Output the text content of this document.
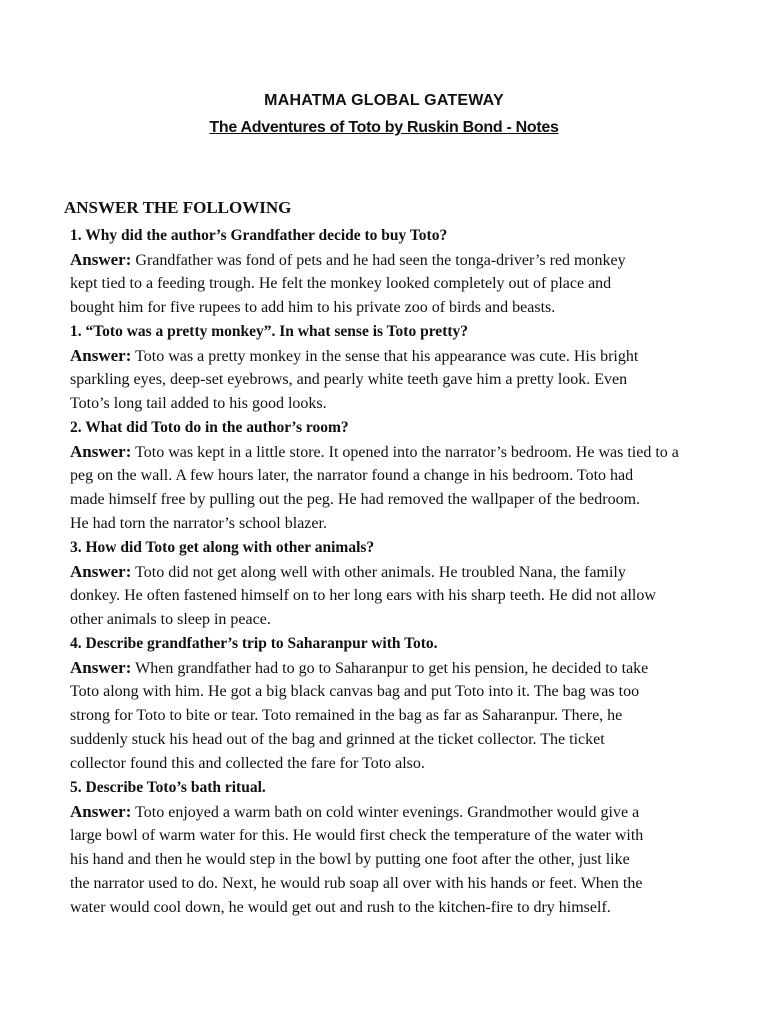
MAHATMA GLOBAL GATEWAY
The Adventures of Toto by Ruskin Bond - Notes
ANSWER THE FOLLOWING
1. Why did the author’s Grandfather decide to buy Toto?
Answer: Grandfather was fond of pets and he had seen the tonga-driver’s red monkey
kept tied to a feeding trough. He felt the monkey looked completely out of place and
bought him for five rupees to add him to his private zoo of birds and beasts.
1. “Toto was a pretty monkey”. In what sense is Toto pretty?
Answer: Toto was a pretty monkey in the sense that his appearance was cute. His bright
sparkling eyes, deep-set eyebrows, and pearly white teeth gave him a pretty look. Even
Toto’s long tail added to his good looks.
2. What did Toto do in the author’s room?
Answer: Toto was kept in a little store. It opened into the narrator’s bedroom. He was tied to a
peg on the wall. A few hours later, the narrator found a change in his bedroom. Toto had
made himself free by pulling out the peg. He had removed the wallpaper of the bedroom.
He had torn the narrator’s school blazer.
3. How did Toto get along with other animals?
Answer: Toto did not get along well with other animals. He troubled Nana, the family
donkey. He often fastened himself on to her long ears with his sharp teeth. He did not allow
other animals to sleep in peace.
4. Describe grandfather’s trip to Saharanpur with Toto.
Answer: When grandfather had to go to Saharanpur to get his pension, he decided to take
Toto along with him. He got a big black canvas bag and put Toto into it. The bag was too
strong for Toto to bite or tear. Toto remained in the bag as far as Saharanpur. There, he
suddenly stuck his head out of the bag and grinned at the ticket collector. The ticket
collector found this and collected the fare for Toto also.
5. Describe Toto’s bath ritual.
Answer: Toto enjoyed a warm bath on cold winter evenings. Grandmother would give a
large bowl of warm water for this. He would first check the temperature of the water with
his hand and then he would step in the bowl by putting one foot after the other, just like
the narrator used to do. Next, he would rub soap all over with his hands or feet. When the
water would cool down, he would get out and rush to the kitchen-fire to dry himself.
